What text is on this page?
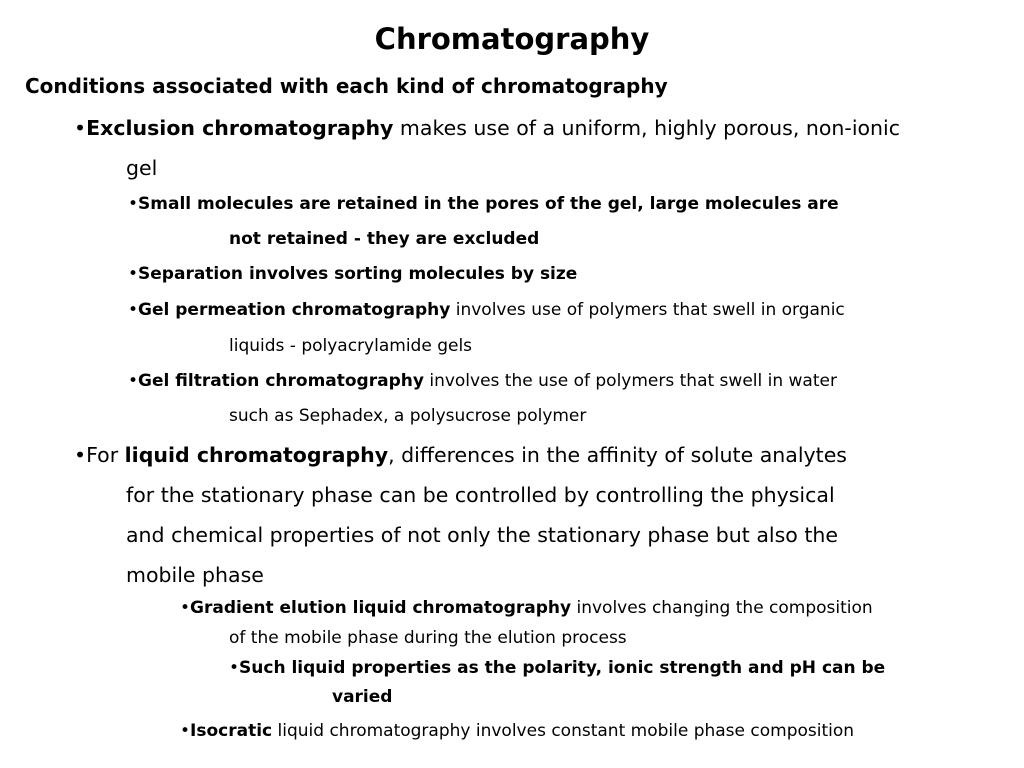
Chromatography
Conditions associated with each kind of chromatography
•Exclusion chromatography makes use of a uniform, highly porous, non-ionic
gel
•Small molecules are retained in the pores of the gel, large molecules are
not retained - they are excluded
•Separation involves sorting molecules by size
•Gel permeation chromatography involves use of polymers that swell in organic
liquids - polyacrylamide gels
•Gel filtration chromatography involves the use of polymers that swell in water
such as Sephadex, a polysucrose polymer
•For liquid chromatography, differences in the affinity of solute analytes
for the stationary phase can be controlled by controlling the physical
and chemical properties of not only the stationary phase but also the
mobile phase
•Gradient elution liquid chromatography involves changing the composition
of the mobile phase during the elution process
•Such liquid properties as the polarity, ionic strength and pH can be
varied
•Isocratic liquid chromatography involves constant mobile phase composition
